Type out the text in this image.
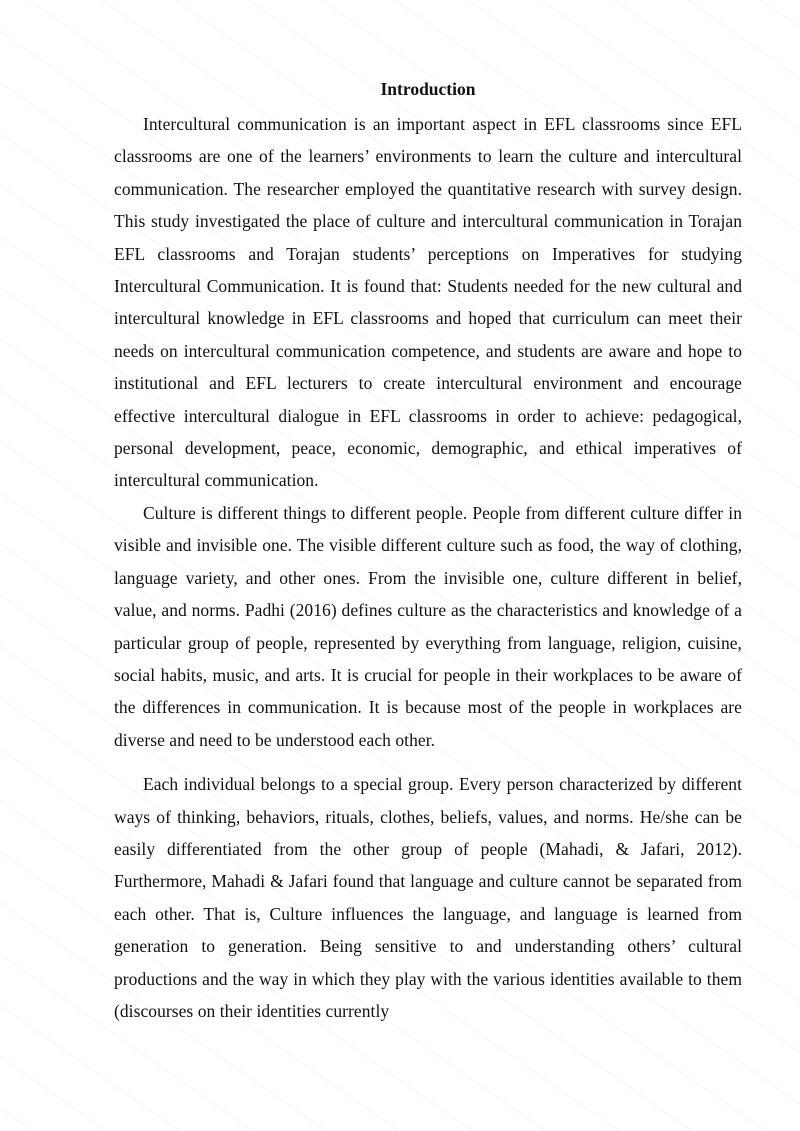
Introduction

Intercultural communication is an important aspect in EFL classrooms since EFL classrooms are one of the learners’ environments to learn the culture and intercultural communication. The researcher employed the quantitative research with survey design. This study investigated the place of culture and intercultural communication in Torajan EFL classrooms and Torajan students’ perceptions on Imperatives for studying Intercultural Communication. It is found that: Students needed for the new cultural and intercultural knowledge in EFL classrooms and hoped that curriculum can meet their needs on intercultural communication competence, and students are aware and hope to institutional and EFL lecturers to create intercultural environment and encourage effective intercultural dialogue in EFL classrooms in order to achieve: pedagogical, personal development, peace, economic, demographic, and ethical imperatives of intercultural communication.

Culture is different things to different people. People from different culture differ in visible and invisible one. The visible different culture such as food, the way of clothing, language variety, and other ones. From the invisible one, culture different in belief, value, and norms. Padhi (2016) defines culture as the characteristics and knowledge of a particular group of people, represented by everything from language, religion, cuisine, social habits, music, and arts. It is crucial for people in their workplaces to be aware of the differences in communication. It is because most of the people in workplaces are diverse and need to be understood each other.

Each individual belongs to a special group. Every person characterized by different ways of thinking, behaviors, rituals, clothes, beliefs, values, and norms. He/she can be easily differentiated from the other group of people (Mahadi, & Jafari, 2012). Furthermore, Mahadi & Jafari found that language and culture cannot be separated from each other. That is, Culture influences the language, and language is learned from generation to generation. Being sensitive to and understanding others’ cultural productions and the way in which they play with the various identities available to them (discourses on their identities currently
